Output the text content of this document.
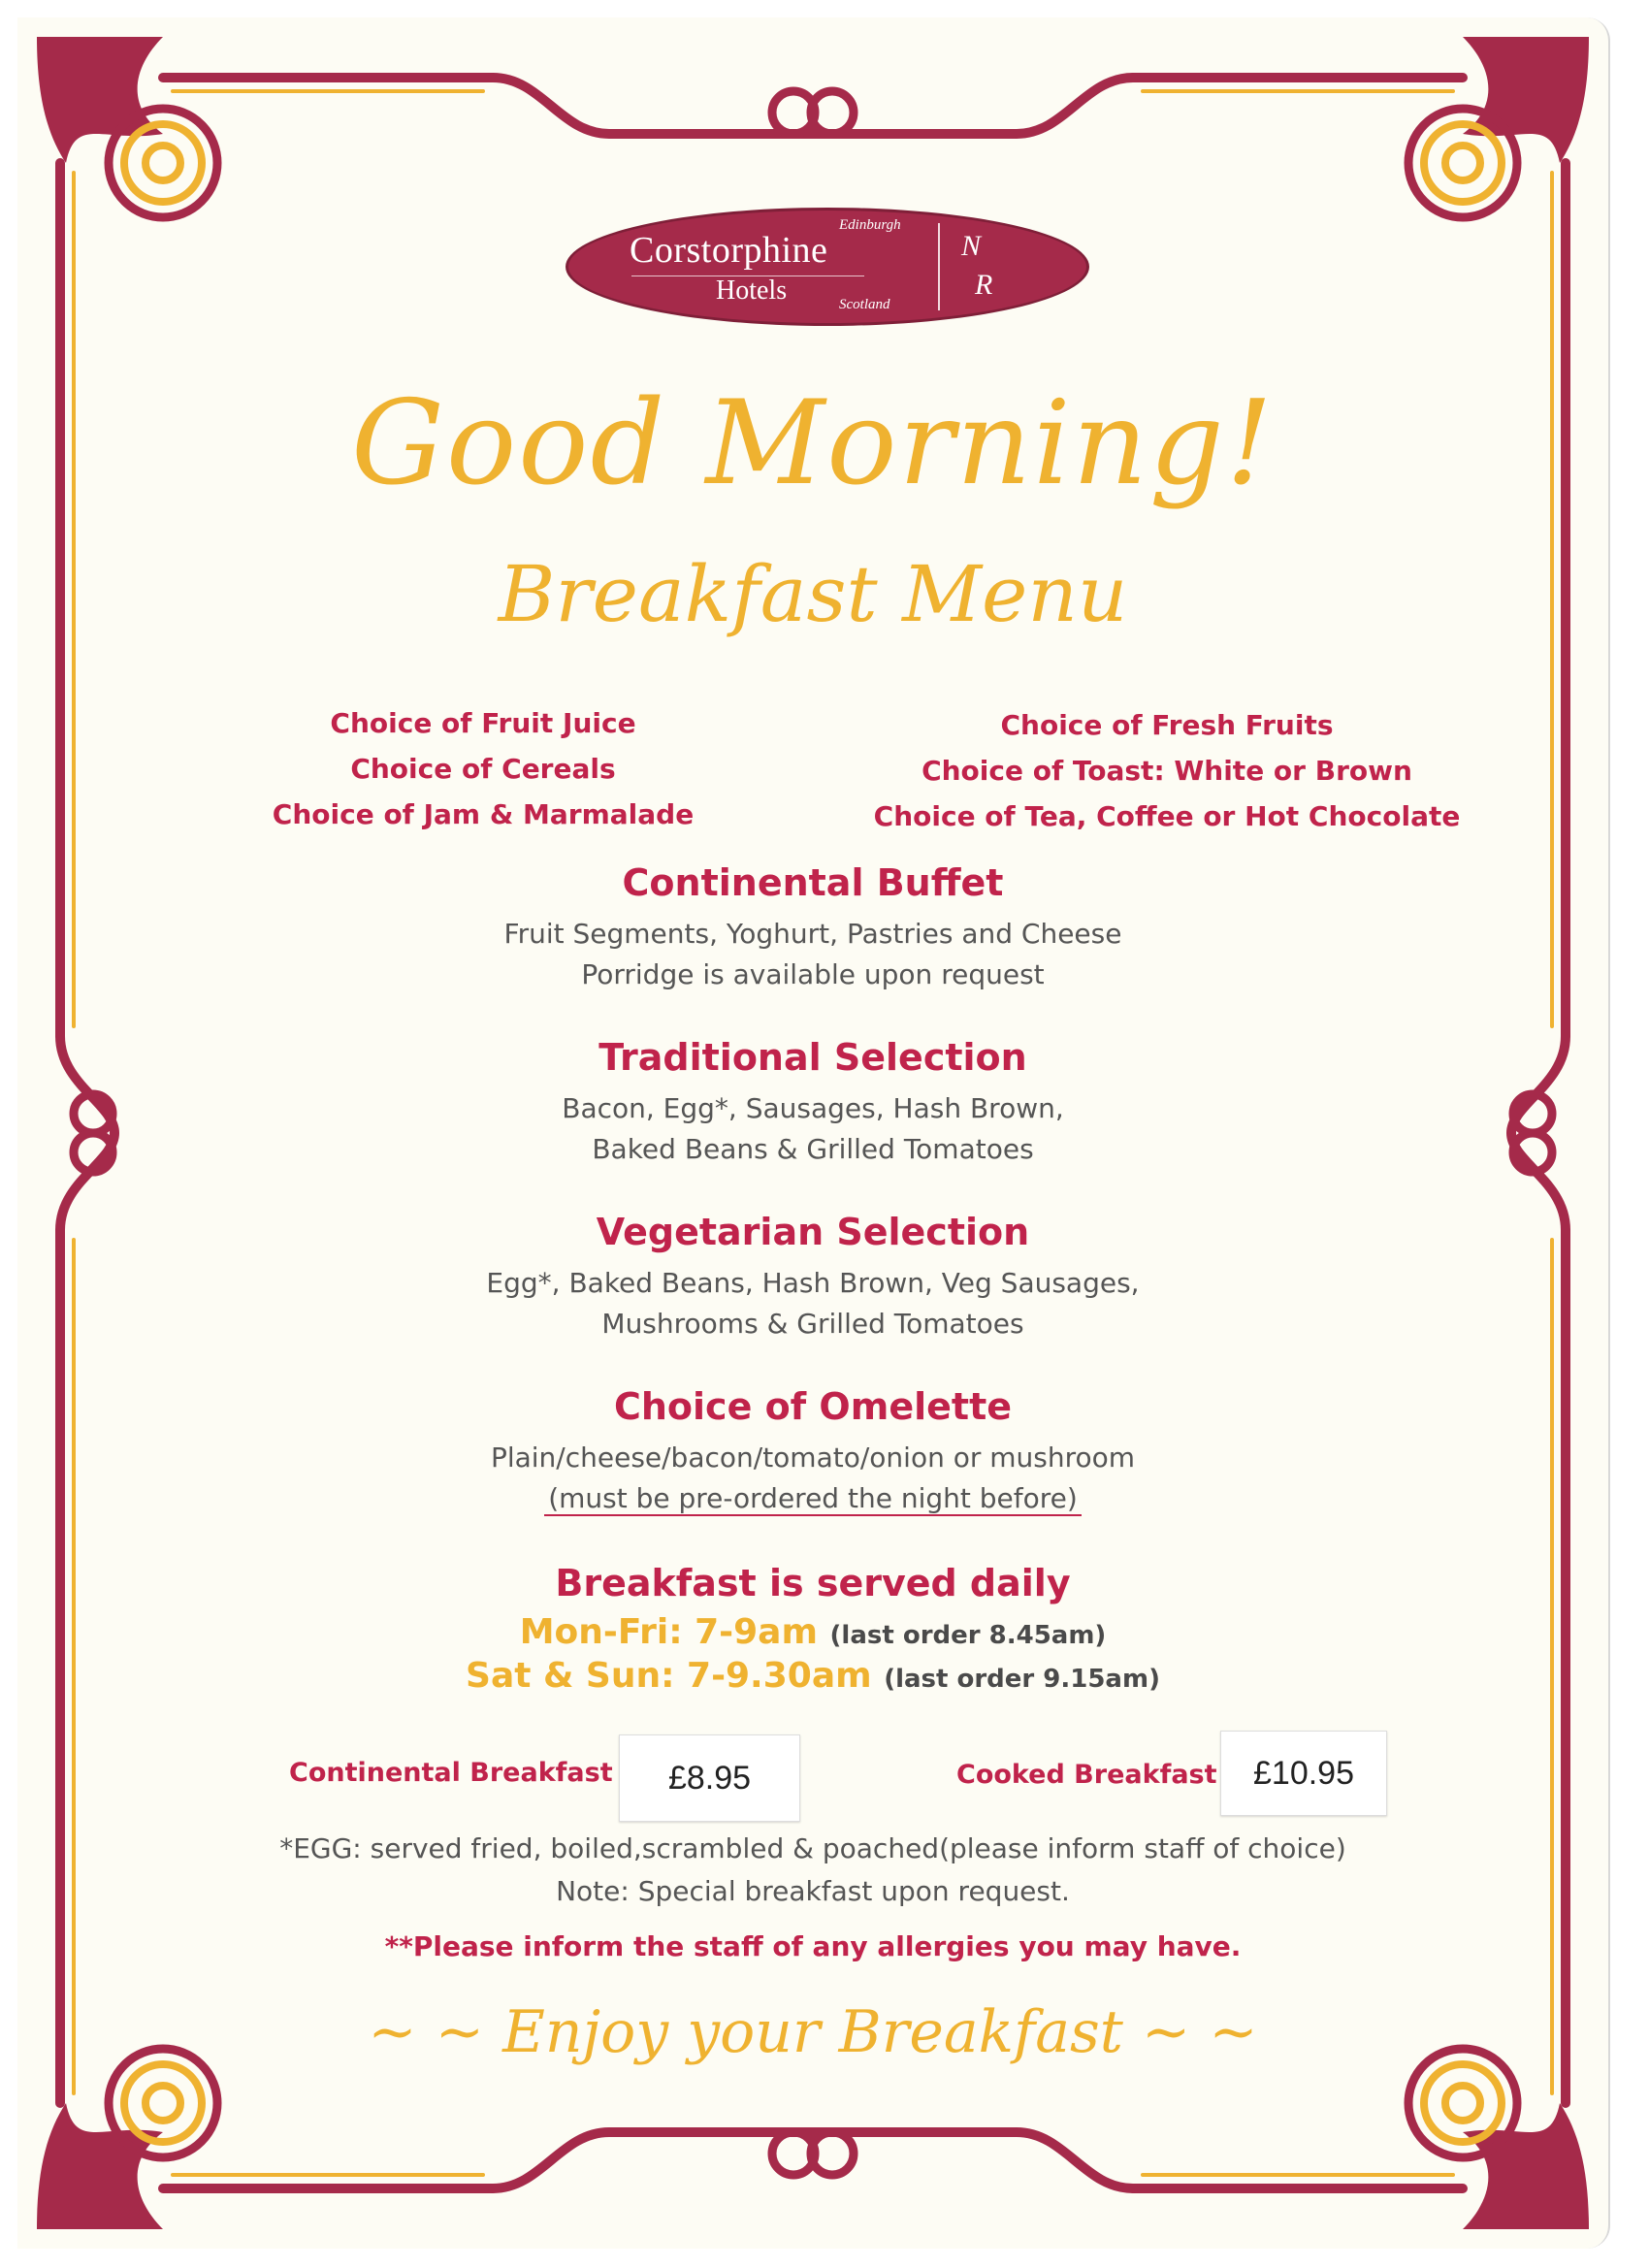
Edinburgh
Corstorphine
Hotels	Scotland
N
R
Good Morning!
Breakfast Menu
Choice of Fruit Juice
Choice of Cereals
Choice of Jam & Marmalade
Choice of Fresh Fruits
Choice of Toast: White or Brown
Choice of Tea, Coffee or Hot Chocolate
Continental Buffet
Fruit Segments, Yoghurt, Pastries and Cheese
Porridge is available upon request
Traditional Selection
Bacon, Egg*, Sausages, Hash Brown,
Baked Beans & Grilled Tomatoes
Vegetarian Selection
Egg*, Baked Beans, Hash Brown, Veg Sausages,
Mushrooms & Grilled Tomatoes
Choice of Omelette
Plain/cheese/bacon/tomato/onion or mushroom
(must be pre-ordered the night before)
Breakfast is served daily
Mon-Fri: 7-9am (last order 8.45am)
Sat & Sun: 7-9.30am (last order 9.15am)
Continental Breakfast	£8.95	Cooked Breakfast	£10.95
*EGG: served fried, boiled,scrambled & poached(please inform staff of choice)
Note: Special breakfast upon request.
**Please inform the staff of any allergies you may have.
~ ~ Enjoy your Breakfast ~ ~
